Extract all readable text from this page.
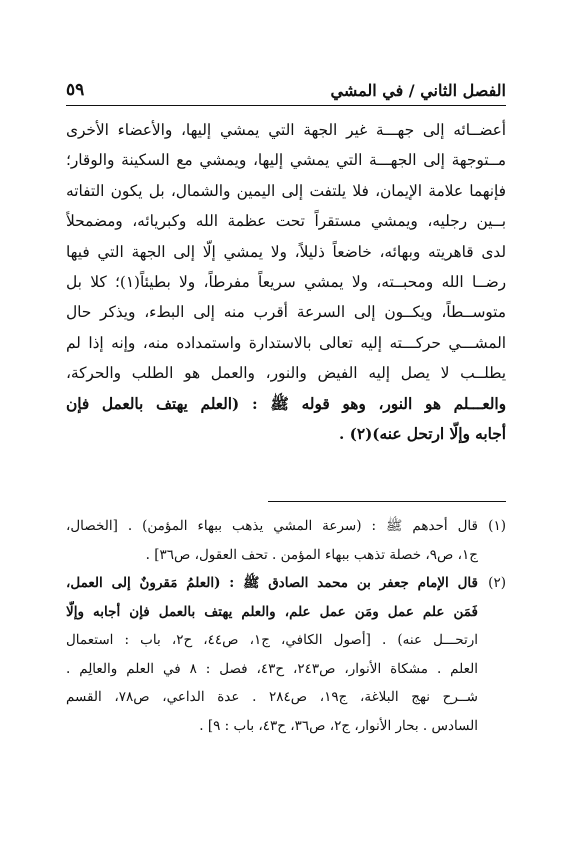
الفصل الثاني / في المشي
٥٩
أعضــائه إلى جهـــة غير الجهة التي يمشي إليها، والأعضاء الأخرى
مــتوجهة إلى الجهـــة التي يمشي إليها، ويمشي مع السكينة والوقار؛
فإنهما علامة الإيمان، فلا يلتفت إلى اليمين والشمال، بل يكون التفاته
بــين رجليه، ويمشي مستقراً تحت عظمة الله وكبريائه، ومضمحلاً
لدى قاهريته وبهائه، خاضعاً ذليلاً، ولا يمشي إلّا إلى الجهة التي فيها
رضــا الله ومحبــته، ولا يمشي سريعاً مفرطاً، ولا بطيئاً(١)؛ كلا بل
متوســطاً، ويكــون إلى السرعة أقرب منه إلى البطء، ويذكر حال
المشـــي حركـــته إليه تعالى بالاستدارة واستمداده منه، وإنه إذا لم
يطلــب لا يصل إليه الفيض والنور، والعمل هو الطلب والحركة،
والعـــلم هو النور، وهو قوله ﷺ : (العلم يهتف بالعمل فإن
أجابه وإلّا ارتحل عنه)(٢) .
(١)
قال أحدهم ﷺ : (سرعة المشي يذهب ببهاء المؤمن) . [الخصال،
ج١، ص٩، خصلة تذهب ببهاء المؤمن . تحف العقول، ص٣٦] .
(٢)
قال الإمام جعفر بن محمد الصادق ﷺ : (العلمُ مَقرونٌ إلى العمل،
فَمَن علم عمل ومَن عمل علم، والعلم يهتف بالعمل فإن أجابه وإلّا
ارتحـــل عنه) . [أصول الكافي، ج١، ص٤٤، ح٢، باب : استعمال
العلم . مشكاة الأنوار، ص٢٤٣، ح٤٣، فصل : ٨ في العلم والعالِم .
شــرح نهج البلاغة، ج١٩، ص٢٨٤ . عدة الداعي، ص٧٨، القسم
السادس . بحار الأنوار، ج٢، ص٣٦، ح٤٣، باب : ٩] .
